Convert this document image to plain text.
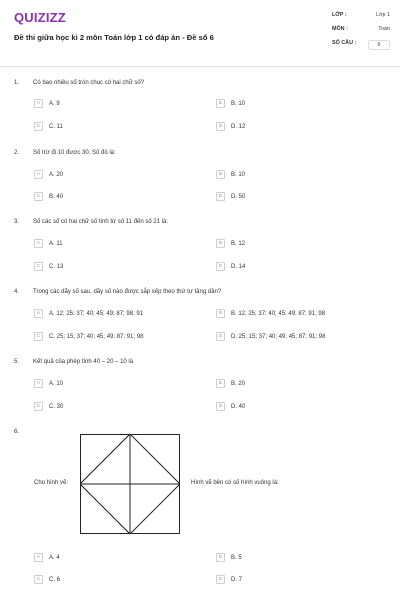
QUIZIZZ
Đề thi giữa học kì 2 môn Toán lớp 1 có đáp án - Đề số 6
LỚP :	Lớp 1
MÔN :	Toán
SỐ CÂU :	6
1. Có bao nhiêu số tròn chục có hai chữ số?
A	A. 9	B	B. 10
C	C. 11	D	D. 12
2. Số trừ đi 10 được 30. Số đó là:
A	A. 20	B	B. 10
C	B. 40	D	D. 50
3. Số các số có hai chữ số tính từ số 11 đến số 21 là:
A	A. 11	B	B. 12
C	C. 13	D	D. 14
4. Trong các dãy số sau, dãy số nào được sắp xếp theo thứ tự tăng dần?
A	A. 12; 25; 37; 40; 45; 49; 87; 98; 91	B	B. 12; 25; 37; 40; 45; 49; 87; 91; 98
C	C. 25; 15; 37; 40; 45; 49; 87; 91; 98	D	D. 25; 15; 37; 40; 49; 45; 87; 91; 98
5. Kết quả của phép tính 40 – 20 – 10 là
A	A. 10	B	B. 20
C	C. 30	D	D. 40
6.
Cho hình vẽ:	Hình vẽ bên có số hình vuông là:
A	A. 4	B	B. 5
C	C. 6	D	D. 7
